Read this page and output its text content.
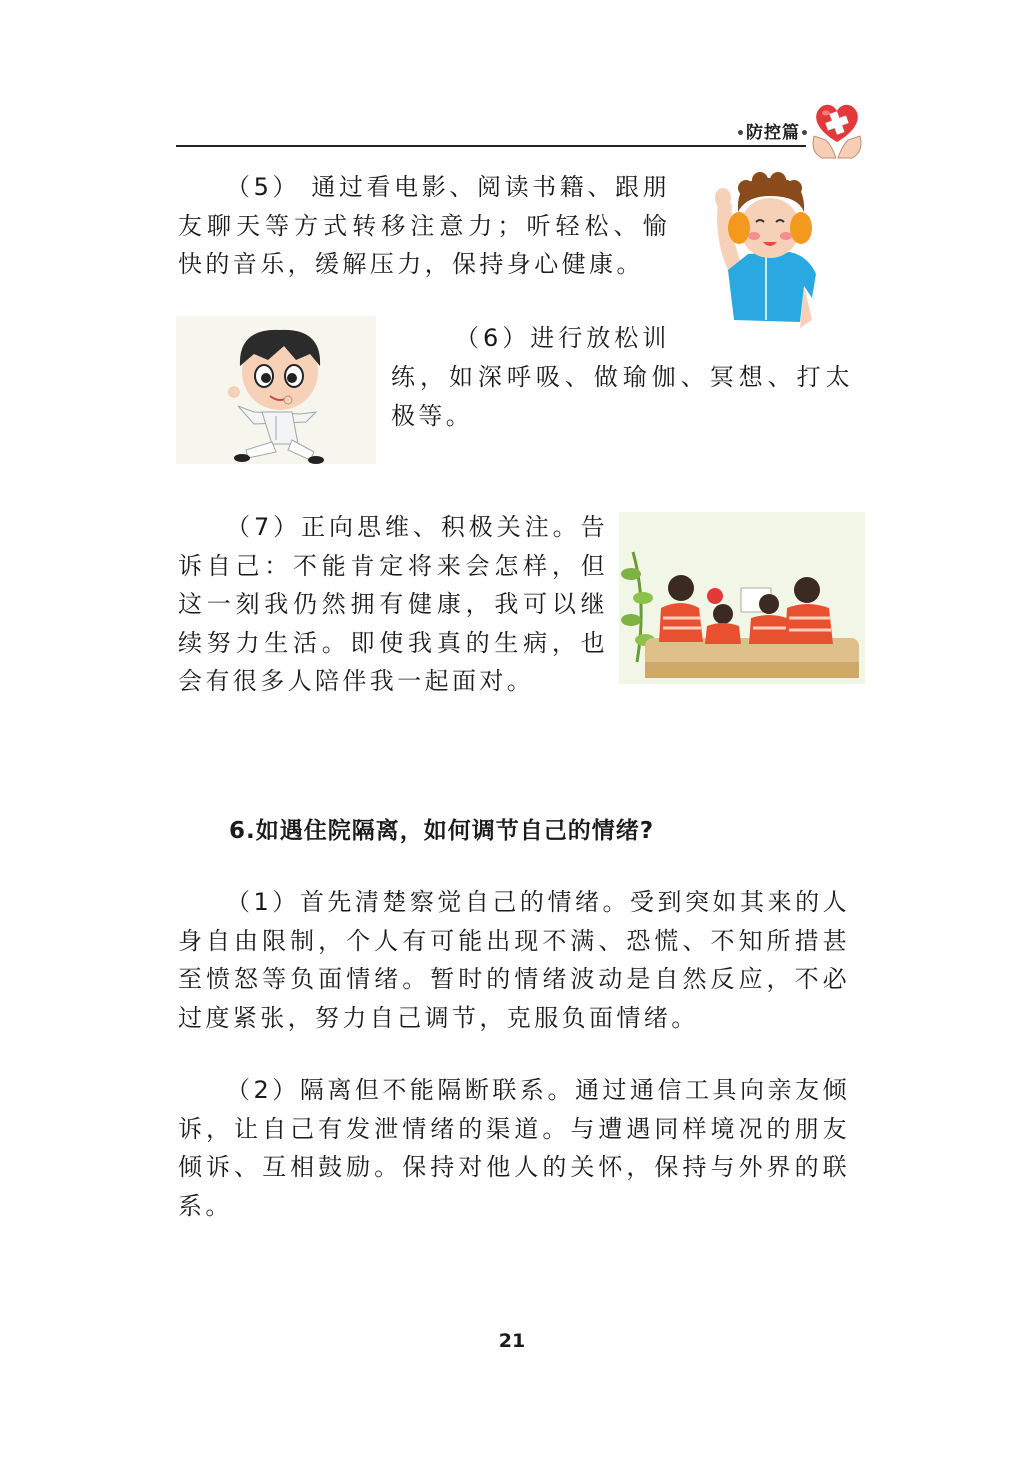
•防控篇•

（5） 通过看电影、阅读书籍、跟朋友聊天等方式转移注意力；听轻松、愉快的音乐，缓解压力，保持身心健康。

（6）进行放松训

练，如深呼吸、做瑜伽、冥想、打太极等。

（7）正向思维、积极关注。告诉自己：不能肯定将来会怎样，但这一刻我仍然拥有健康，我可以继续努力生活。即使我真的生病，也会有很多人陪伴我一起面对。

6.如遇住院隔离，如何调节自己的情绪?

（1）首先清楚察觉自己的情绪。受到突如其来的人身自由限制，个人有可能出现不满、恐慌、不知所措甚至愤怒等负面情绪。暂时的情绪波动是自然反应，不必过度紧张，努力自己调节，克服负面情绪。

（2）隔离但不能隔断联系。通过通信工具向亲友倾诉，让自己有发泄情绪的渠道。与遭遇同样境况的朋友倾诉、互相鼓励。保持对他人的关怀，保持与外界的联系。

21
